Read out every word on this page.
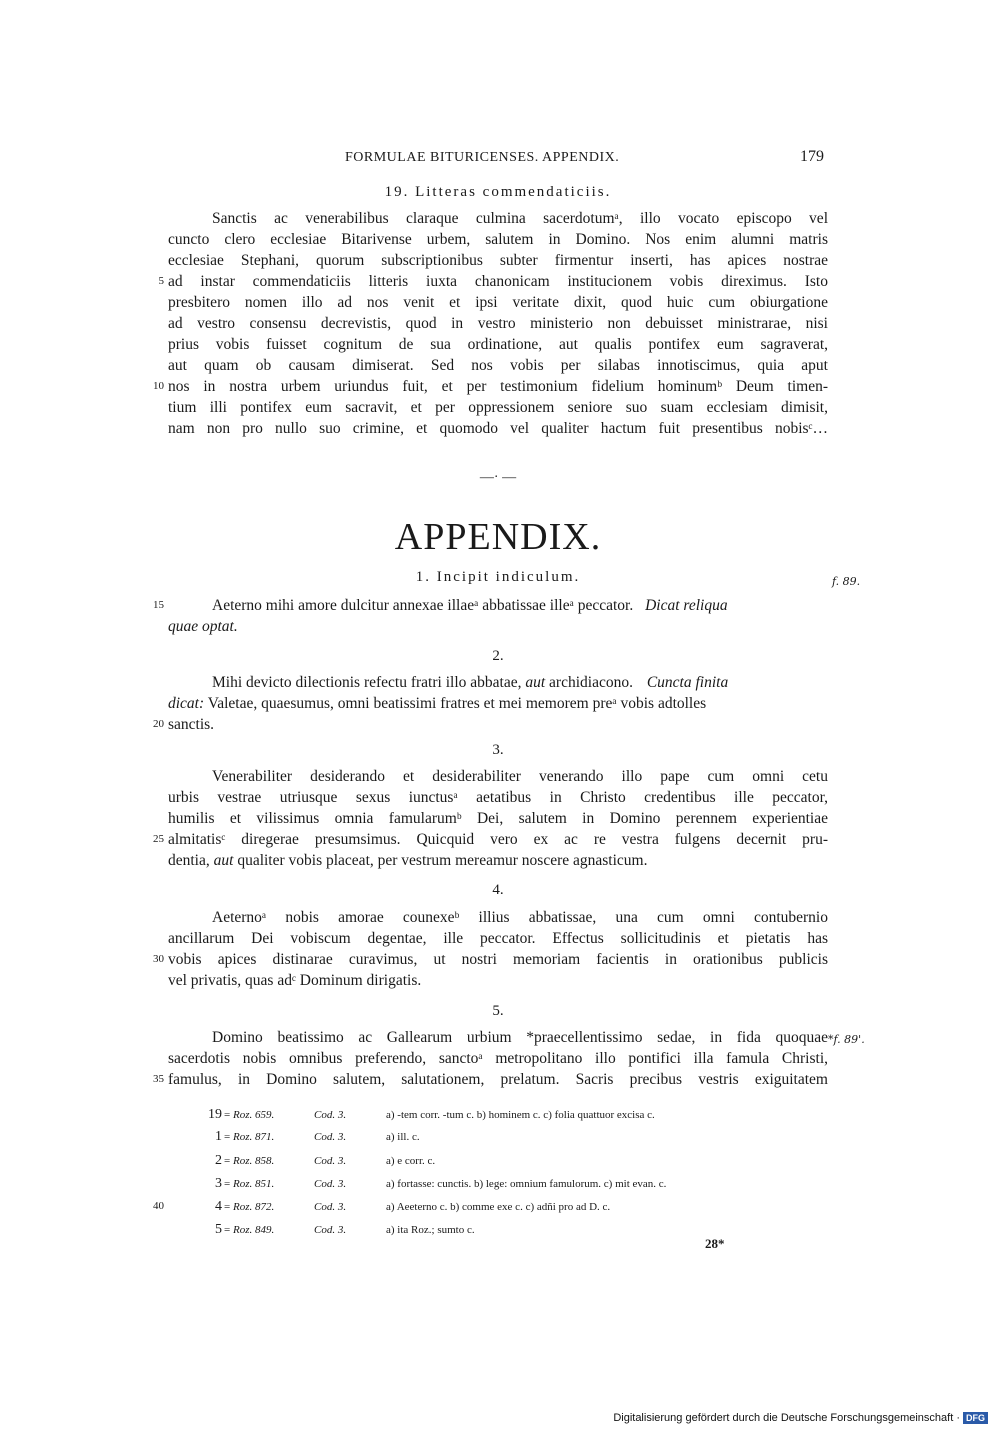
FORMULAE BITURICENSES. APPENDIX.	179
19. Litteras commendaticiis.
Sanctis ac venerabilibus claraque culmina sacerdotumᵃ, illo vocato episcopo vel
cuncto clero ecclesiae Bitarivense urbem, salutem in Domino. Nos enim alumni matris
ecclesiae Stephani, quorum subscriptionibus subter firmentur inserti, has apices nostrae
5 ad instar commendaticiis litteris iuxta chanonicam institucionem vobis direximus. Isto
presbitero nomen illo ad nos venit et ipsi veritate dixit, quod huic cum obiurgatione
ad vestro consensu decrevistis, quod in vestro ministerio non debuisset ministrarae, nisi
prius vobis fuisset cognitum de sua ordinatione, aut qualis pontifex eum sagraverat,
aut quam ob causam dimiserat. Sed nos vobis per silabas innotiscimus, quia aput
10 nos in nostra urbem uriundus fuit, et per testimonium fidelium hominumᵇ Deum timen-
tium illi pontifex eum sacravit, et per oppressionem seniore suo suam ecclesiam dimisit,
nam non pro nullo suo crimine, et quomodo vel qualiter hactum fuit presentibus nobisᶜ…
—· —
APPENDIX.
1. Incipit indiculum.	f. 89.
15	Aeterno mihi amore dulcitur annexae illaeᵃ abbatissae illeᵃ peccator. Dicat reliqua
quae optat.
2.
Mihi devicto dilectionis refectu fratri illo abbatae, aut archidiacono. Cuncta finita
dicat: Valetae, quaesumus, omni beatissimi fratres et mei memorem preᵃ vobis adtolles
20 sanctis.
3.
Venerabiliter desiderando et desiderabiliter venerando illo pape cum omni cetu
urbis vestrae utriusque sexus iunctusᵃ aetatibus in Christo credentibus ille peccator,
humilis et vilissimus omnia famularumᵇ Dei, salutem in Domino perennem experientiae
25 almitatisᶜ diregerae presumsimus. Quicquid vero ex ac re vestra fulgens decernit pru-
dentia, aut qualiter vobis placeat, per vestrum mereamur noscere agnasticum.
4.
Aeternoᵃ nobis amorae counexeᵇ illius abbatissae, una cum omni contubernio
ancillarum Dei vobiscum degentae, ille peccator. Effectus sollicitudinis et pietatis has
30 vobis apices distinarae curavimus, ut nostri memoriam facientis in orationibus publicis
vel privatis, quas adᶜ Dominum dirigatis.
5.
*f. 89'.
Domino beatissimo ac Gallearum urbium *praecellentissimo sedae, in fida quoquae
sacerdotis nobis omnibus preferendo, sanctoᵃ metropolitano illo pontifici illa famula Christi,
35 famulus, in Domino salutem, salutationem, prelatum. Sacris precibus vestris exiguitatem
19 = Roz. 659.	Cod. 3.	a) -tem corr. -tum c. b) hominem c. c) folia quattuor excisa c.
1 = Roz. 871.	Cod. 3.	a) ill. c.
2 = Roz. 858.	Cod. 3.	a) e corr. c.
3 = Roz. 851.	Cod. 3.	a) fortasse: cunctis. b) lege: omnium famulorum. c) mit evan. c.
40	4 = Roz. 872.	Cod. 3.	a) Aeeterno c. b) comme exe c. c) adñi pro ad D. c.
5 = Roz. 849.	Cod. 3.	a) ita Roz.; sumto c.
28*
Digitalisierung gefördert durch die Deutsche Forschungsgemeinschaft · DFG
